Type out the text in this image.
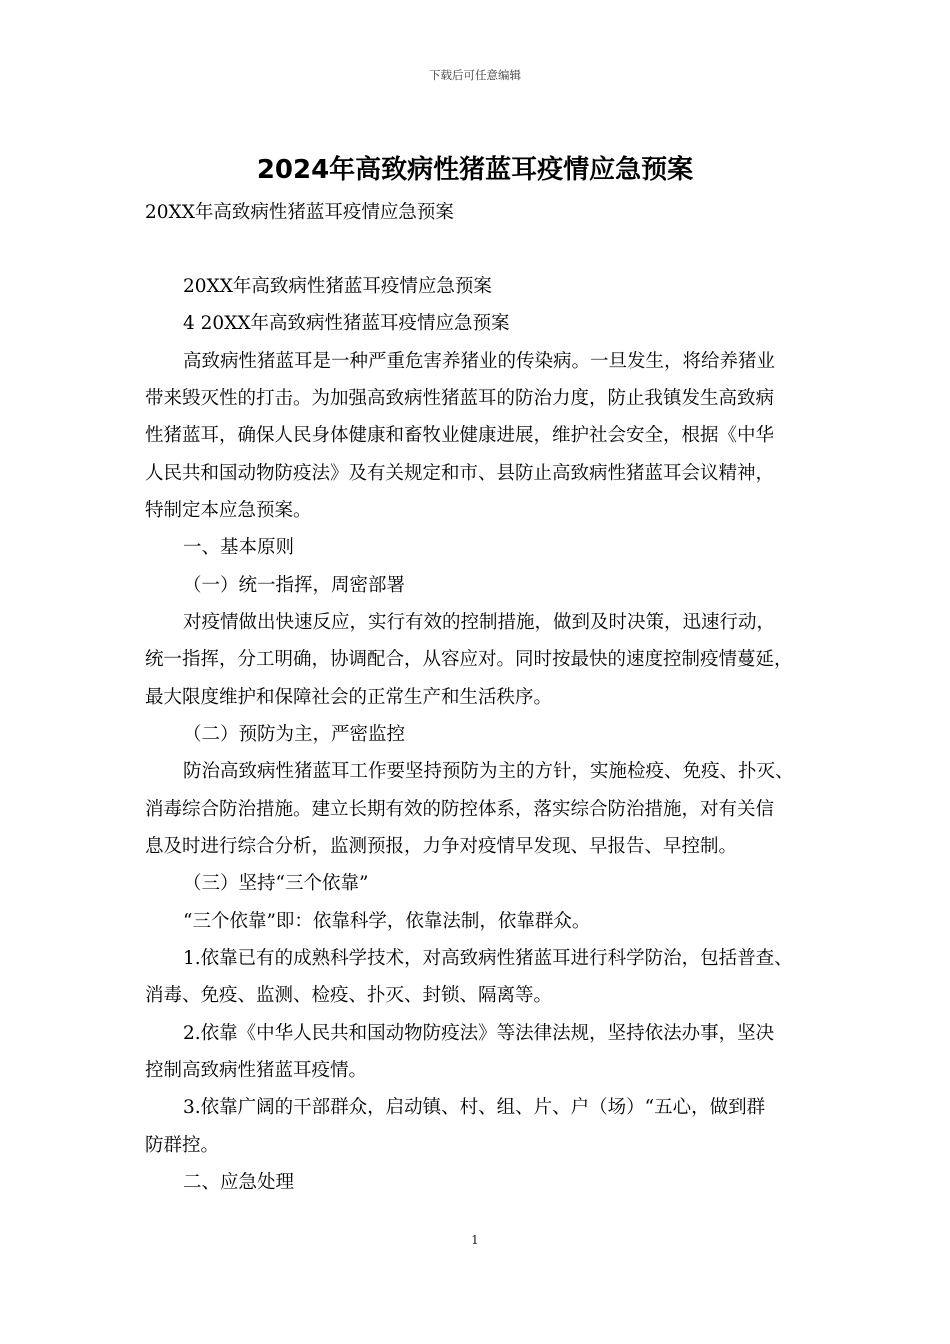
下载后可任意编辑
2024年高致病性猪蓝耳疫情应急预案
20XX年高致病性猪蓝耳疫情应急预案
20XX年高致病性猪蓝耳疫情应急预案
4 20XX年高致病性猪蓝耳疫情应急预案
高致病性猪蓝耳是一种严重危害养猪业的传染病。一旦发生，将给养猪业
带来毁灭性的打击。为加强高致病性猪蓝耳的防治力度，防止我镇发生高致病
性猪蓝耳，确保人民身体健康和畜牧业健康进展，维护社会安全，根据《中华
人民共和国动物防疫法》及有关规定和市、县防止高致病性猪蓝耳会议精神，
特制定本应急预案。
一、基本原则
（一）统一指挥，周密部署
对疫情做出快速反应，实行有效的控制措施，做到及时决策，迅速行动，
统一指挥，分工明确，协调配合，从容应对。同时按最快的速度控制疫情蔓延，
最大限度维护和保障社会的正常生产和生活秩序。
（二）预防为主，严密监控
防治高致病性猪蓝耳工作要坚持预防为主的方针，实施检疫、免疫、扑灭、
消毒综合防治措施。建立长期有效的防控体系，落实综合防治措施，对有关信
息及时进行综合分析，监测预报，力争对疫情早发现、早报告、早控制。
（三）坚持“三个依靠”
“三个依靠”即：依靠科学，依靠法制，依靠群众。
1.依靠已有的成熟科学技术，对高致病性猪蓝耳进行科学防治，包括普查、
消毒、免疫、监测、检疫、扑灭、封锁、隔离等。
2.依靠《中华人民共和国动物防疫法》等法律法规，坚持依法办事，坚决
控制高致病性猪蓝耳疫情。
3.依靠广阔的干部群众，启动镇、村、组、片、户（场）“五心，做到群
防群控。
二、应急处理
1
